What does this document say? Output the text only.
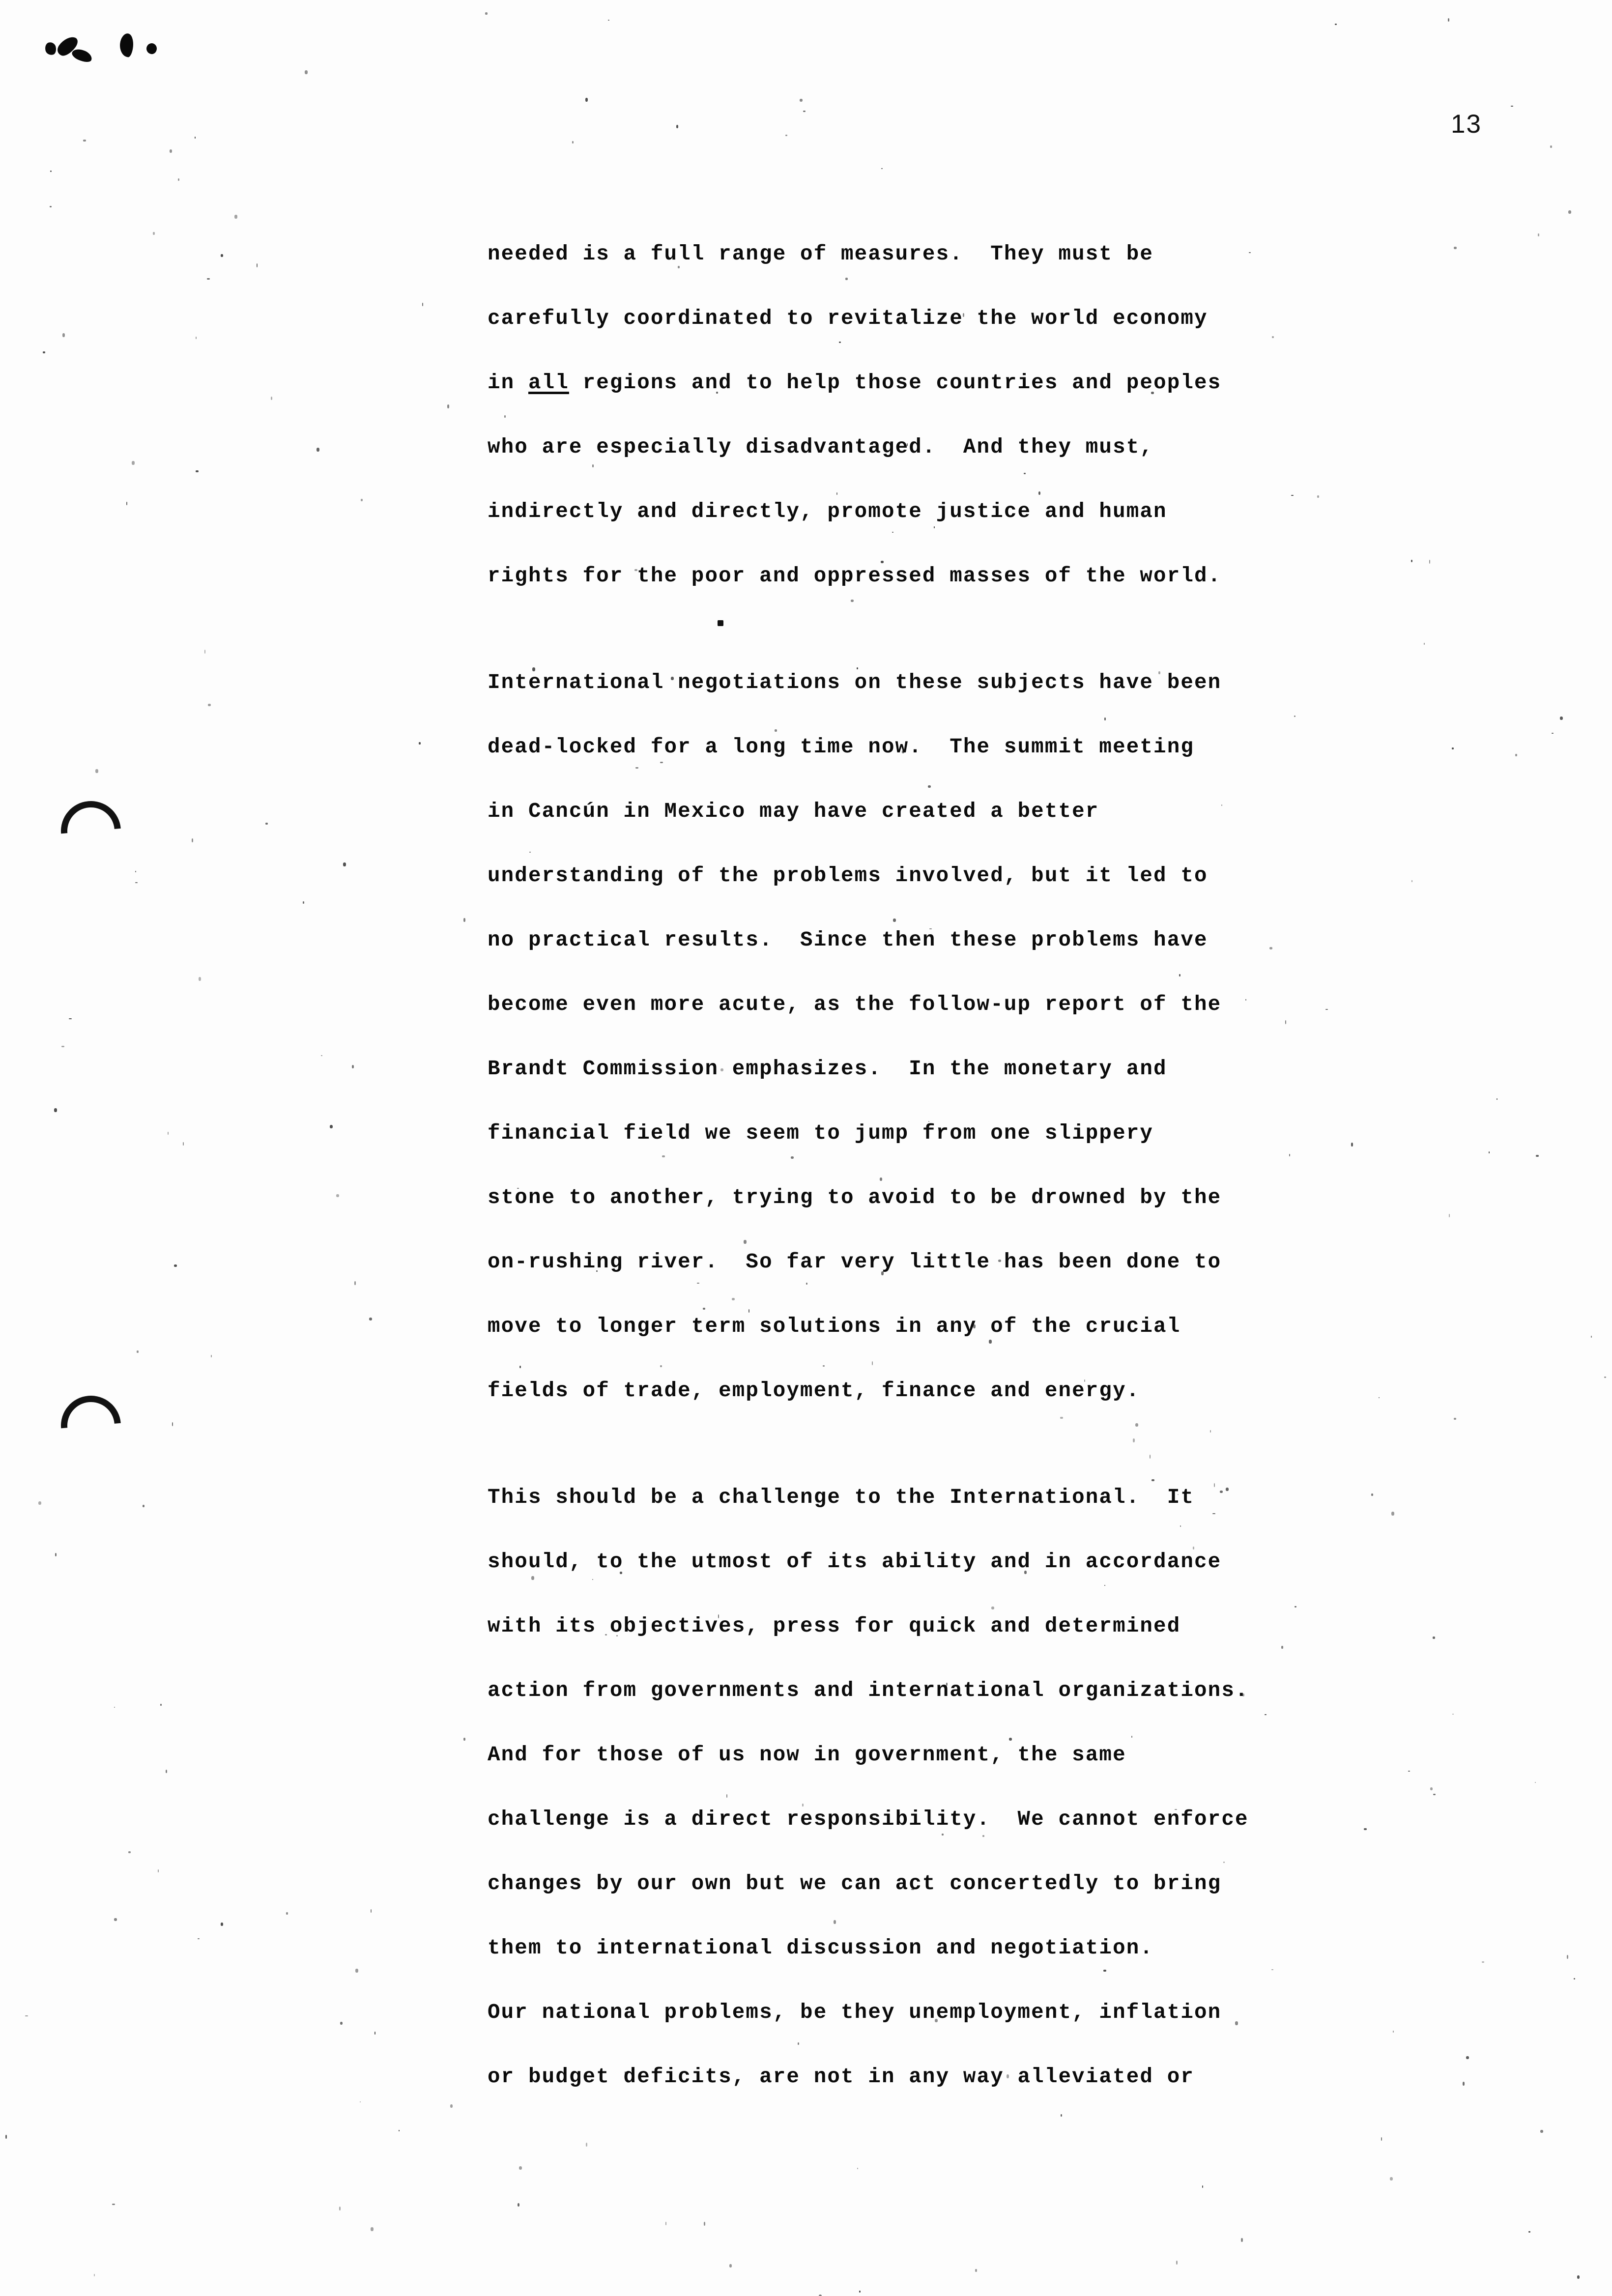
13
needed is a full range of measures.  They must be
carefully coordinated to revitalize the world economy
in all regions and to help those countries and peoples
who are especially disadvantaged.  And they must,
indirectly and directly, promote justice and human
rights for the poor and oppressed masses of the world.
International negotiations on these subjects have been
dead-locked for a long time now.  The summit meeting
in Cancún in Mexico may have created a better
understanding of the problems involved, but it led to
no practical results.  Since then these problems have
become even more acute, as the follow-up report of the
Brandt Commission emphasizes.  In the monetary and
financial field we seem to jump from one slippery
stone to another, trying to avoid to be drowned by the
on-rushing river.  So far very little has been done to
move to longer term solutions in any of the crucial
fields of trade, employment, finance and energy.
This should be a challenge to the International.  It
should, to the utmost of its ability and in accordance
with its objectives, press for quick and determined
action from governments and international organizations.
And for those of us now in government, the same
challenge is a direct responsibility.  We cannot enforce
changes by our own but we can act concertedly to bring
them to international discussion and negotiation.
Our national problems, be they unemployment, inflation
or budget deficits, are not in any way alleviated or
